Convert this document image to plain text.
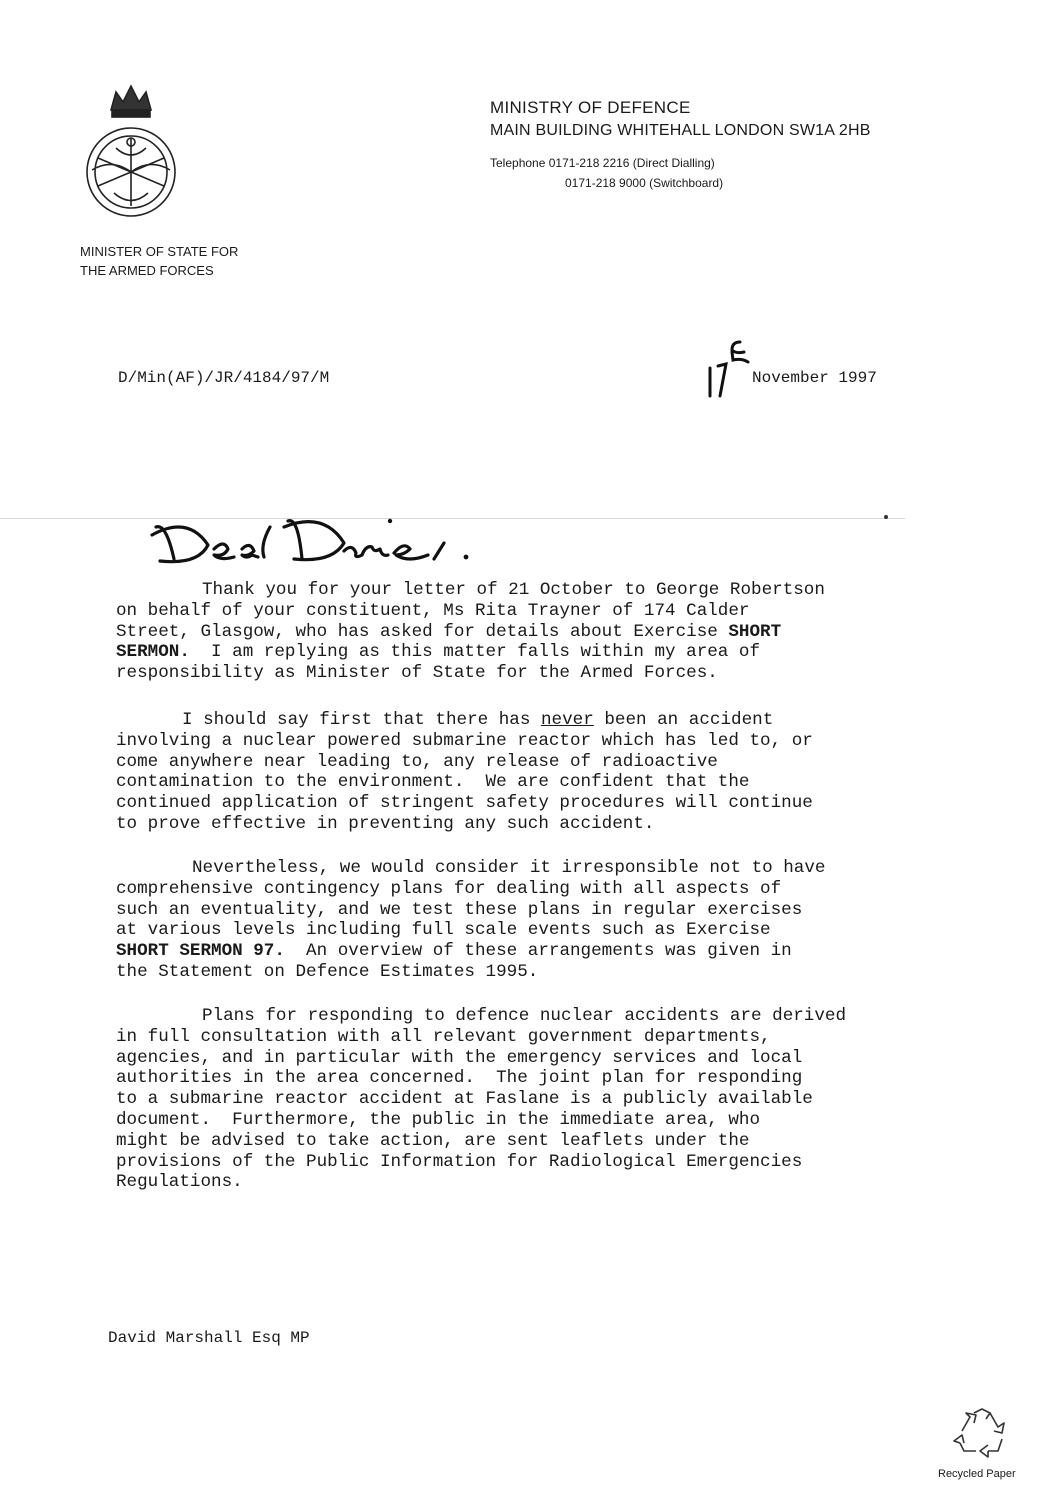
MINISTRY OF DEFENCE
MAIN BUILDING WHITEHALL LONDON SW1A 2HB
Telephone 0171-218 2216 (Direct Dialling)
0171-218 9000 (Switchboard)
MINISTER OF STATE FOR
THE ARMED FORCES
D/Min(AF)/JR/4184/97/M	November 1997
Thank you for your letter of 21 October to George Robertson
on behalf of your constituent, Ms Rita Trayner of 174 Calder
Street, Glasgow, who has asked for details about Exercise SHORT
SERMON.  I am replying as this matter falls within my area of
responsibility as Minister of State for the Armed Forces.
I should say first that there has never been an accident
involving a nuclear powered submarine reactor which has led to, or
come anywhere near leading to, any release of radioactive
contamination to the environment.  We are confident that the
continued application of stringent safety procedures will continue
to prove effective in preventing any such accident.
Nevertheless, we would consider it irresponsible not to have
comprehensive contingency plans for dealing with all aspects of
such an eventuality, and we test these plans in regular exercises
at various levels including full scale events such as Exercise
SHORT SERMON 97.  An overview of these arrangements was given in
the Statement on Defence Estimates 1995.
Plans for responding to defence nuclear accidents are derived
in full consultation with all relevant government departments,
agencies, and in particular with the emergency services and local
authorities in the area concerned.  The joint plan for responding
to a submarine reactor accident at Faslane is a publicly available
document.  Furthermore, the public in the immediate area, who
might be advised to take action, are sent leaflets under the
provisions of the Public Information for Radiological Emergencies
Regulations.
David Marshall Esq MP
Recycled Paper
